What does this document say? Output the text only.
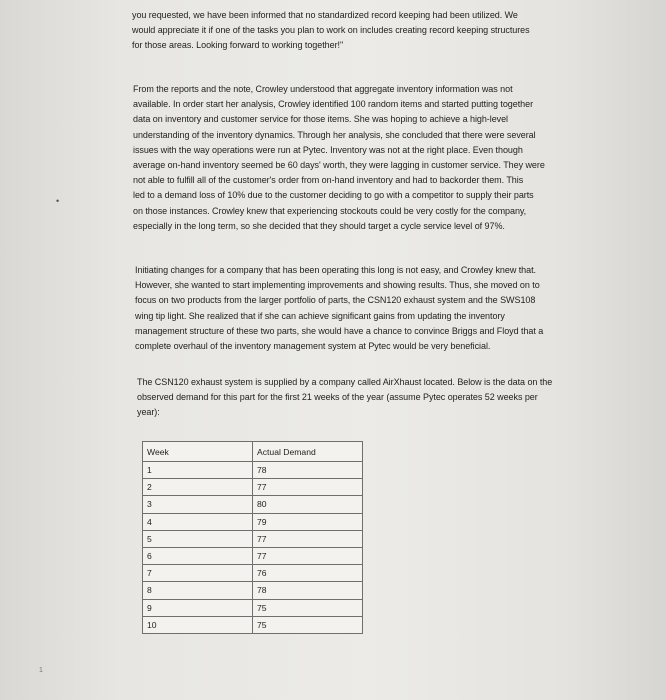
you requested, we have been informed that no standardized record keeping had been utilized. We
would appreciate it if one of the tasks you plan to work on includes creating record keeping structures
for those areas. Looking forward to working together!"

From the reports and the note, Crowley understood that aggregate inventory information was not
available. In order start her analysis, Crowley identified 100 random items and started putting together
data on inventory and customer service for those items. She was hoping to achieve a high-level
understanding of the inventory dynamics. Through her analysis, she concluded that there were several
issues with the way operations were run at Pytec. Inventory was not at the right place. Even though
average on-hand inventory seemed be 60 days' worth, they were lagging in customer service. They were
not able to fulfill all of the customer's order from on-hand inventory and had to backorder them. This
led to a demand loss of 10% due to the customer deciding to go with a competitor to supply their parts
on those instances. Crowley knew that experiencing stockouts could be very costly for the company,
especially in the long term, so she decided that they should target a cycle service level of 97%.

Initiating changes for a company that has been operating this long is not easy, and Crowley knew that.
However, she wanted to start implementing improvements and showing results. Thus, she moved on to
focus on two products from the larger portfolio of parts, the CSN120 exhaust system and the SWS108
wing tip light. She realized that if she can achieve significant gains from updating the inventory
management structure of these two parts, she would have a chance to convince Briggs and Floyd that a
complete overhaul of the inventory management system at Pytec would be very beneficial.

The CSN120 exhaust system is supplied by a company called AirXhaust located. Below is the data on the
observed demand for this part for the first 21 weeks of the year (assume Pytec operates 52 weeks per
year):

Week	Actual Demand
1	78
2	77
3	80
4	79
5	77
6	77
7	76
8	78
9	75
10	75
•
1
